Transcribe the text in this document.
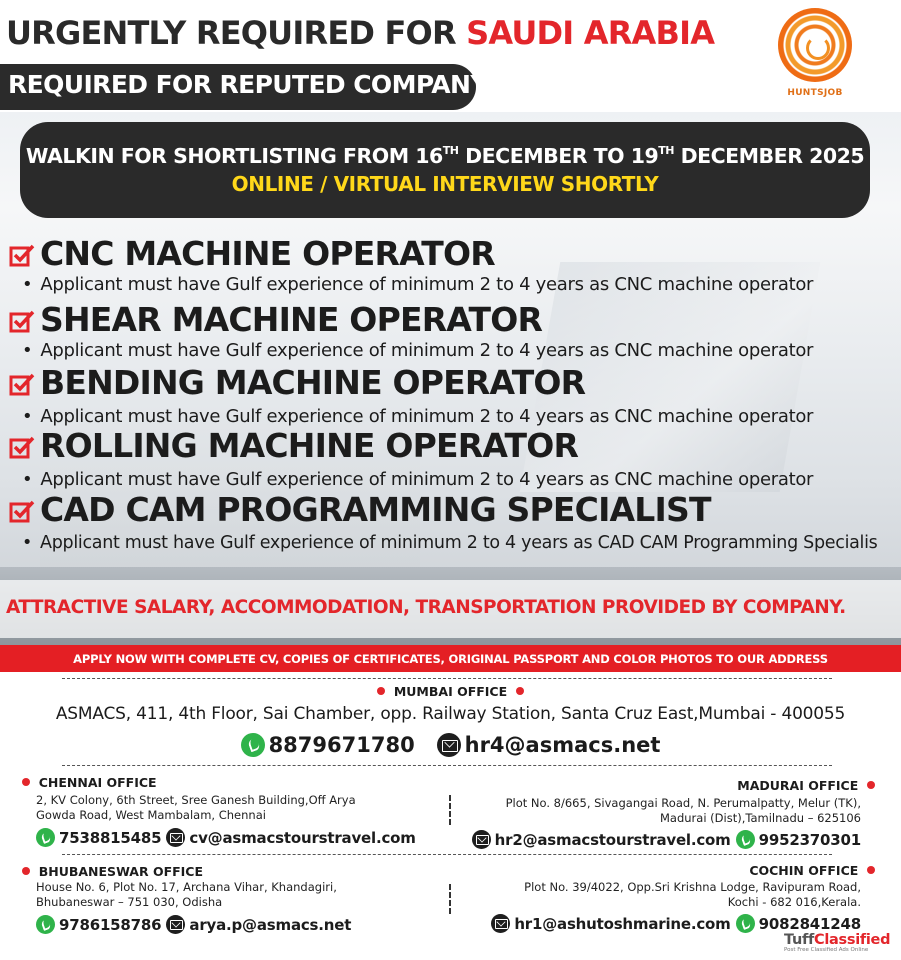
URGENTLY REQUIRED FOR SAUDI ARABIA
REQUIRED FOR REPUTED COMPANY	HUNTSJOB
WALKIN FOR SHORTLISTING FROM 16TH DECEMBER TO 19TH DECEMBER 2025
ONLINE / VIRTUAL INTERVIEW SHORTLY
CNC MACHINE OPERATOR
• Applicant must have Gulf experience of minimum 2 to 4 years as CNC machine operator
SHEAR MACHINE OPERATOR
• Applicant must have Gulf experience of minimum 2 to 4 years as CNC machine operator
BENDING MACHINE OPERATOR
• Applicant must have Gulf experience of minimum 2 to 4 years as CNC machine operator
ROLLING MACHINE OPERATOR
• Applicant must have Gulf experience of minimum 2 to 4 years as CNC machine operator
CAD CAM PROGRAMMING SPECIALIST
• Applicant must have Gulf experience of minimum 2 to 4 years as CAD CAM Programming Specialis
ATTRACTIVE SALARY, ACCOMMODATION, TRANSPORTATION PROVIDED BY COMPANY.
APPLY NOW WITH COMPLETE CV, COPIES OF CERTIFICATES, ORIGINAL PASSPORT AND COLOR PHOTOS TO OUR ADDRESS
MUMBAI OFFICE
ASMACS, 411, 4th Floor, Sai Chamber, opp. Railway Station, Santa Cruz East,Mumbai - 400055
8879671780 hr4@asmacs.net
CHENNAI OFFICE
2, KV Colony, 6th Street, Sree Ganesh Building,Off Arya
Gowda Road, West Mambalam, Chennai
7538815485 cv@asmacstourstravel.com
MADURAI OFFICE
Plot No. 8/665, Sivagangai Road, N. Perumalpatty, Melur (TK),
Madurai (Dist),Tamilnadu – 625106
hr2@asmacstourstravel.com 9952370301
BHUBANESWAR OFFICE
House No. 6, Plot No. 17, Archana Vihar, Khandagiri,
Bhubaneswar – 751 030, Odisha
9786158786 arya.p@asmacs.net
COCHIN OFFICE
Plot No. 39/4022, Opp.Sri Krishna Lodge, Ravipuram Road,
Kochi - 682 016,Kerala.
hr1@ashutoshmarine.com 9082841248
TuffClassified
Post Free Classified Ads Online
